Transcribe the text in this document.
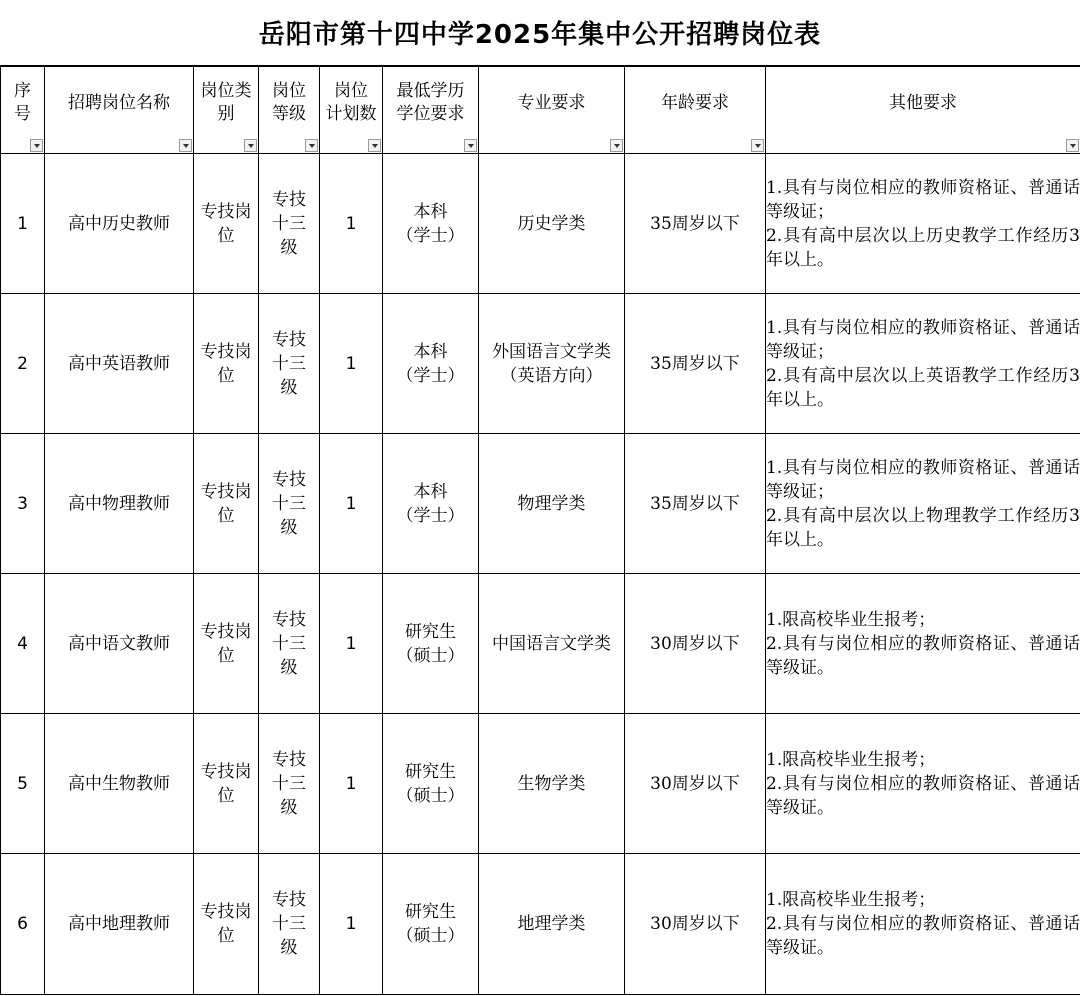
岳阳市第十四中学2025年集中公开招聘岗位表
序
号	招聘岗位名称	岗位类
别	岗位
等级	岗位
计划数	最低学历
学位要求	专业要求	年龄要求	其他要求

1	高中历史教师	专技岗
位	专技
十三
级	1	本科
（学士）	历史学类	35周岁以下	1.具有与岗位相应的教师资格证、普通话等级证；
2.具有高中层次以上历史教学工作经历3年以上。

2	高中英语教师	专技岗
位	专技
十三
级	1	本科
（学士）	外国语言文学类
（英语方向）	35周岁以下	1.具有与岗位相应的教师资格证、普通话等级证；
2.具有高中层次以上英语教学工作经历3年以上。

3	高中物理教师	专技岗
位	专技
十三
级	1	本科
（学士）	物理学类	35周岁以下	1.具有与岗位相应的教师资格证、普通话等级证；
2.具有高中层次以上物理教学工作经历3年以上。

4	高中语文教师	专技岗
位	专技
十三
级	1	研究生
（硕士）	中国语言文学类	30周岁以下	1.限高校毕业生报考；
2.具有与岗位相应的教师资格证、普通话等级证。

5	高中生物教师	专技岗
位	专技
十三
级	1	研究生
（硕士）	生物学类	30周岁以下	1.限高校毕业生报考；
2.具有与岗位相应的教师资格证、普通话等级证。

6	高中地理教师	专技岗
位	专技
十三
级	1	研究生
（硕士）	地理学类	30周岁以下	1.限高校毕业生报考；
2.具有与岗位相应的教师资格证、普通话等级证。
